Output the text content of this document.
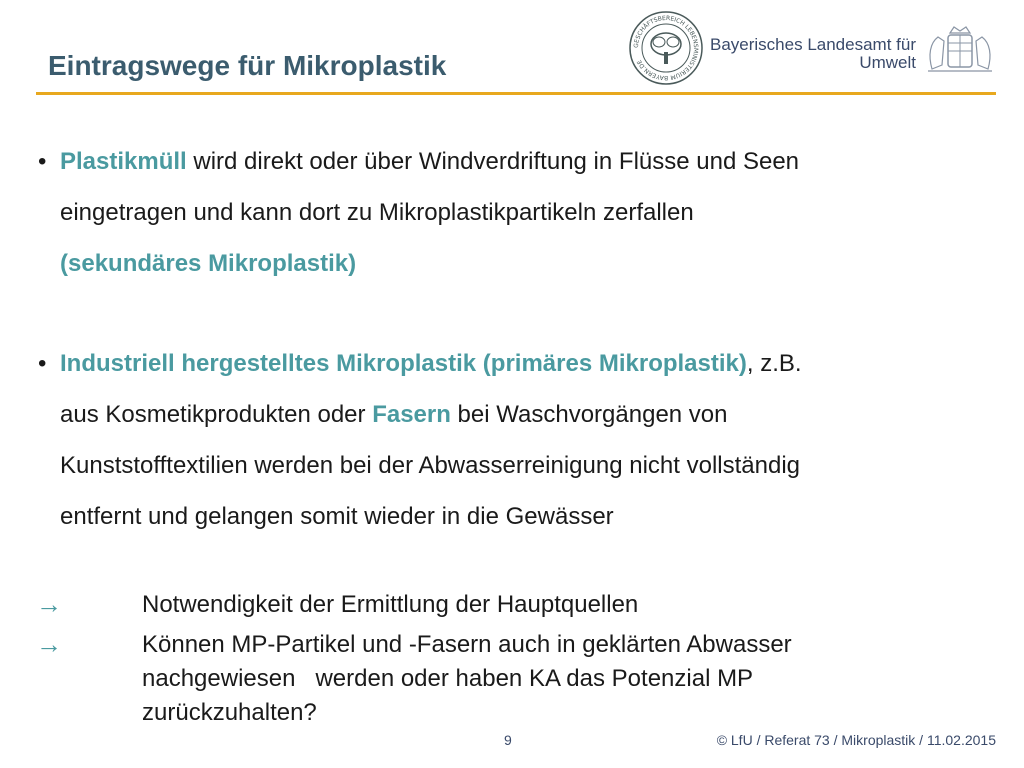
Eintragswege für Mikroplastik
GESCHÄFTSBEREICH LEBENSMINISTERIUM BAYERN.DE
Bayerisches Landesamt für
Umwelt
• Plastikmüll wird direkt oder über Windverdriftung in Flüsse und Seen
eingetragen und kann dort zu Mikroplastikpartikeln zerfallen
(sekundäres Mikroplastik)
• Industriell hergestelltes Mikroplastik (primäres Mikroplastik), z.B.
aus Kosmetikprodukten oder Fasern bei Waschvorgängen von
Kunststofftextilien werden bei der Abwasserreinigung nicht vollständig
entfernt und gelangen somit wieder in die Gewässer
→	Notwendigkeit der Ermittlung der Hauptquellen
→	Können MP-Partikel und -Fasern auch in geklärten Abwasser
nachgewiesen   werden oder haben KA das Potenzial MP
zurückzuhalten?
9	© LfU / Referat 73 / Mikroplastik / 11.02.2015
